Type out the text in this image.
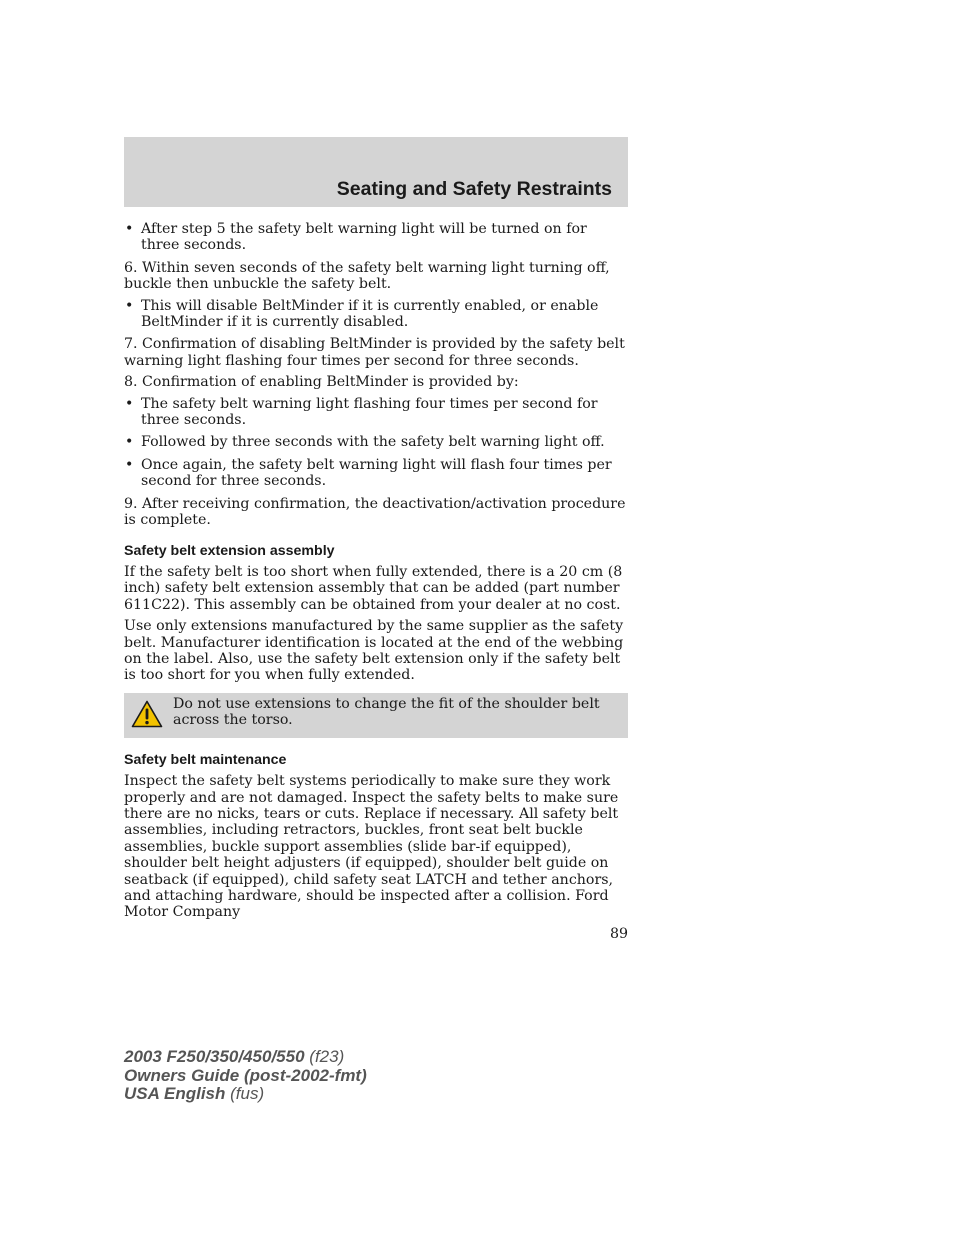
Seating and Safety Restraints
• After step 5 the safety belt warning light will be turned on for three seconds.

6. Within seven seconds of the safety belt warning light turning off, buckle then unbuckle the safety belt.

• This will disable BeltMinder if it is currently enabled, or enable BeltMinder if it is currently disabled.

7. Confirmation of disabling BeltMinder is provided by the safety belt warning light flashing four times per second for three seconds.

8. Confirmation of enabling BeltMinder is provided by:

• The safety belt warning light flashing four times per second for three seconds.
• Followed by three seconds with the safety belt warning light off.
• Once again, the safety belt warning light will flash four times per second for three seconds.

9. After receiving confirmation, the deactivation/activation procedure is complete.

Safety belt extension assembly

If the safety belt is too short when fully extended, there is a 20 cm (8 inch) safety belt extension assembly that can be added (part number 611C22). This assembly can be obtained from your dealer at no cost.

Use only extensions manufactured by the same supplier as the safety belt. Manufacturer identification is located at the end of the webbing on the label. Also, use the safety belt extension only if the safety belt is too short for you when fully extended.

Do not use extensions to change the fit of the shoulder belt across the torso.
Safety belt maintenance

Inspect the safety belt systems periodically to make sure they work properly and are not damaged. Inspect the safety belts to make sure there are no nicks, tears or cuts. Replace if necessary. All safety belt assemblies, including retractors, buckles, front seat belt buckle assemblies, buckle support assemblies (slide bar-if equipped), shoulder belt height adjusters (if equipped), shoulder belt guide on seatback (if equipped), child safety seat LATCH and tether anchors, and attaching hardware, should be inspected after a collision. Ford Motor Company

89
2003 F250/350/450/550 (f23)
Owners Guide (post-2002-fmt)
USA English (fus)
